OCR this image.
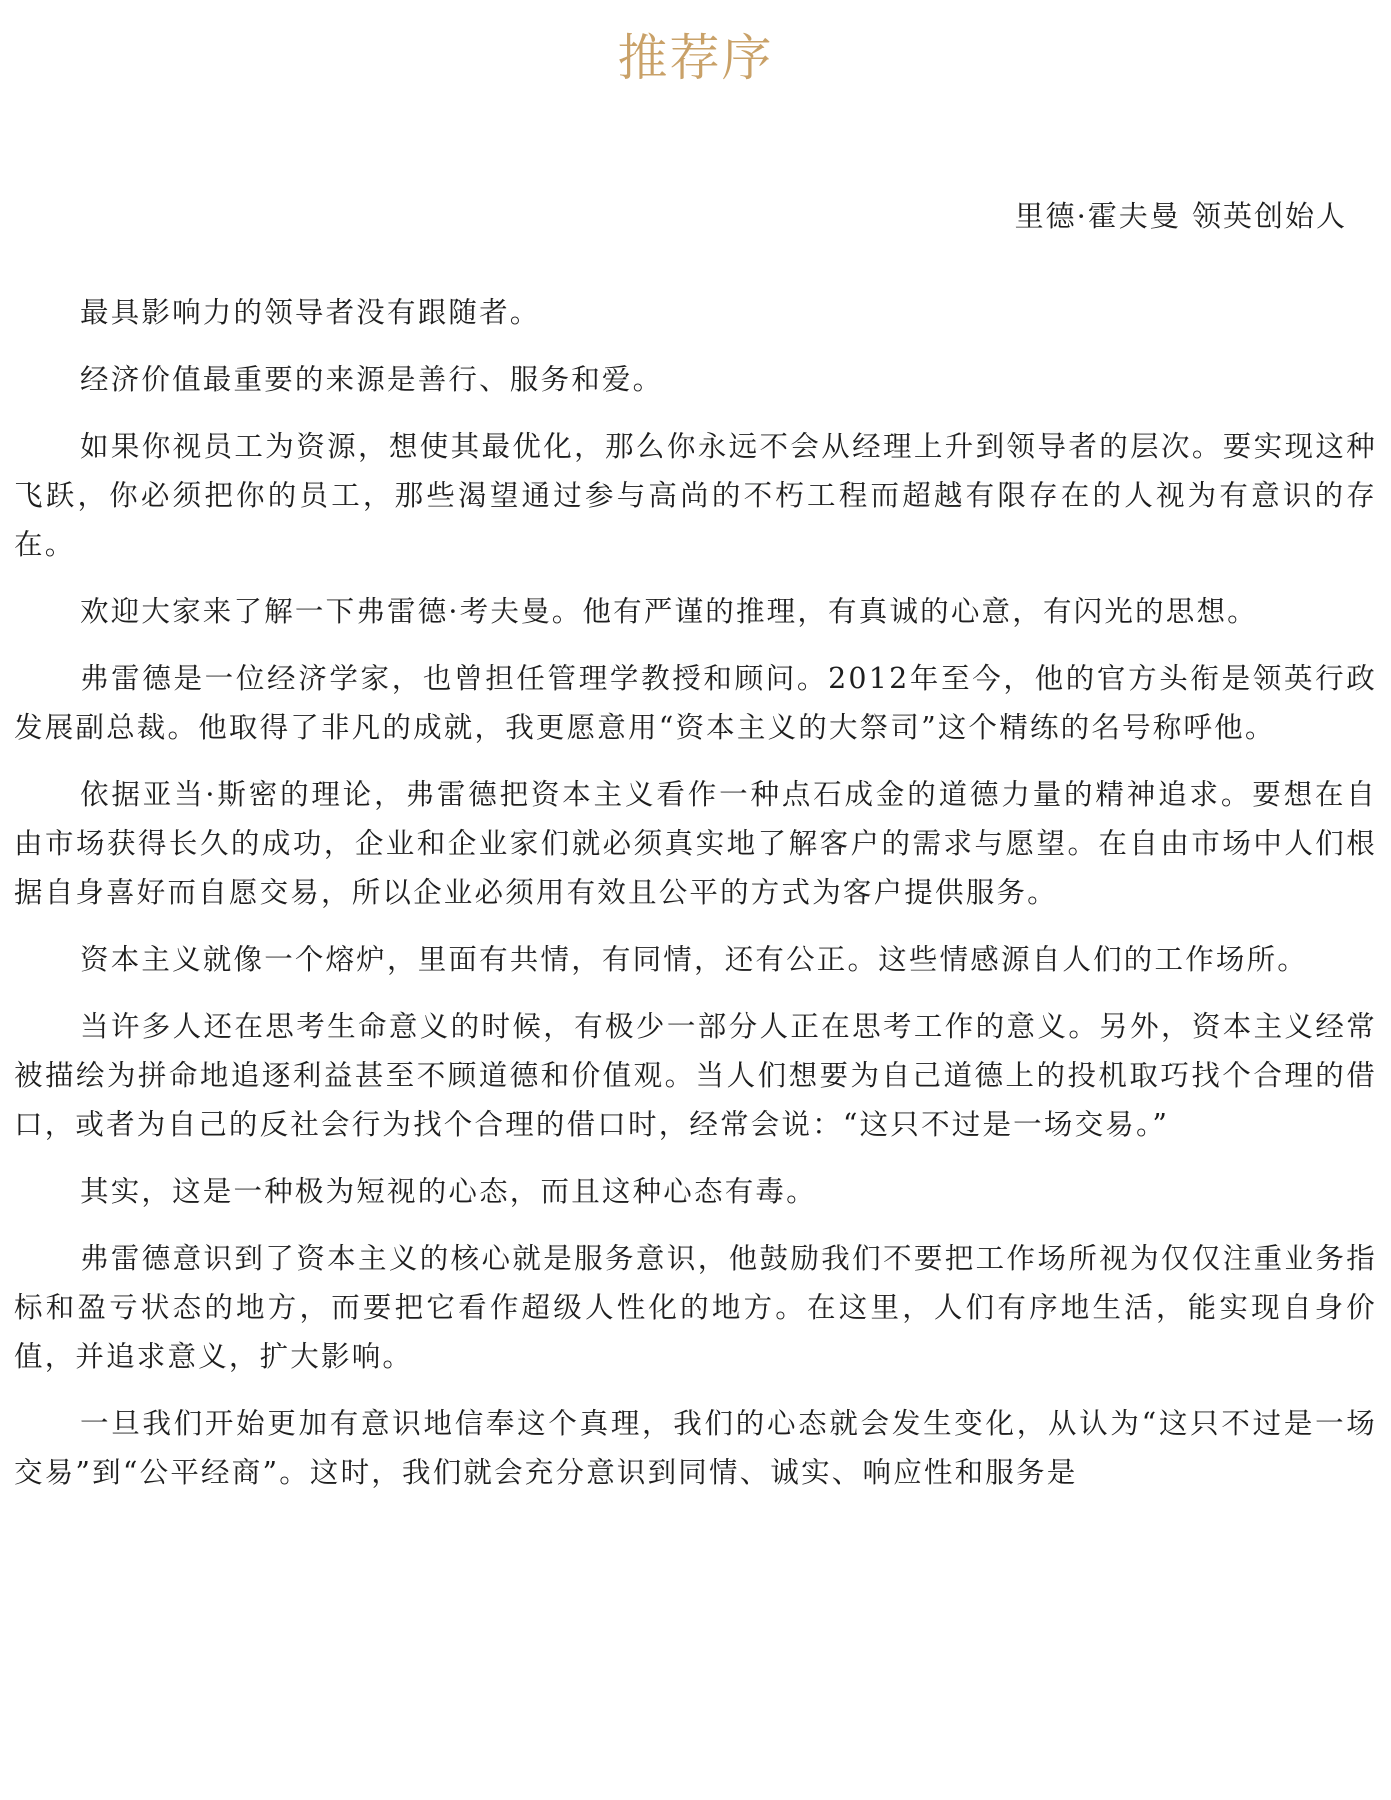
推荐序
里德·霍夫曼 领英创始人

最具影响力的领导者没有跟随者。

经济价值最重要的来源是善行、服务和爱。

如果你视员工为资源，想使其最优化，那么你永远不会从经理上升到领导者的层次。要实现这种飞跃，你必须把你的员工，那些渴望通过参与高尚的不朽工程而超越有限存在的人视为有意识的存在。

欢迎大家来了解一下弗雷德·考夫曼。他有严谨的推理，有真诚的心意，有闪光的思想。

弗雷德是一位经济学家，也曾担任管理学教授和顾问。2012年至今，他的官方头衔是领英行政发展副总裁。他取得了非凡的成就，我更愿意用“资本主义的大祭司”这个精练的名号称呼他。

依据亚当·斯密的理论，弗雷德把资本主义看作一种点石成金的道德力量的精神追求。要想在自由市场获得长久的成功，企业和企业家们就必须真实地了解客户的需求与愿望。在自由市场中人们根据自身喜好而自愿交易，所以企业必须用有效且公平的方式为客户提供服务。

资本主义就像一个熔炉，里面有共情，有同情，还有公正。这些情感源自人们的工作场所。

当许多人还在思考生命意义的时候，有极少一部分人正在思考工作的意义。另外，资本主义经常被描绘为拼命地追逐利益甚至不顾道德和价值观。当人们想要为自己道德上的投机取巧找个合理的借口，或者为自己的反社会行为找个合理的借口时，经常会说：“这只不过是一场交易。”

其实，这是一种极为短视的心态，而且这种心态有毒。

弗雷德意识到了资本主义的核心就是服务意识，他鼓励我们不要把工作场所视为仅仅注重业务指标和盈亏状态的地方，而要把它看作超级人性化的地方。在这里，人们有序地生活，能实现自身价值，并追求意义，扩大影响。

一旦我们开始更加有意识地信奉这个真理，我们的心态就会发生变化，从认为“这只不过是一场交易”到“公平经商”。这时，我们就会充分意识到同情、诚实、响应性和服务是
